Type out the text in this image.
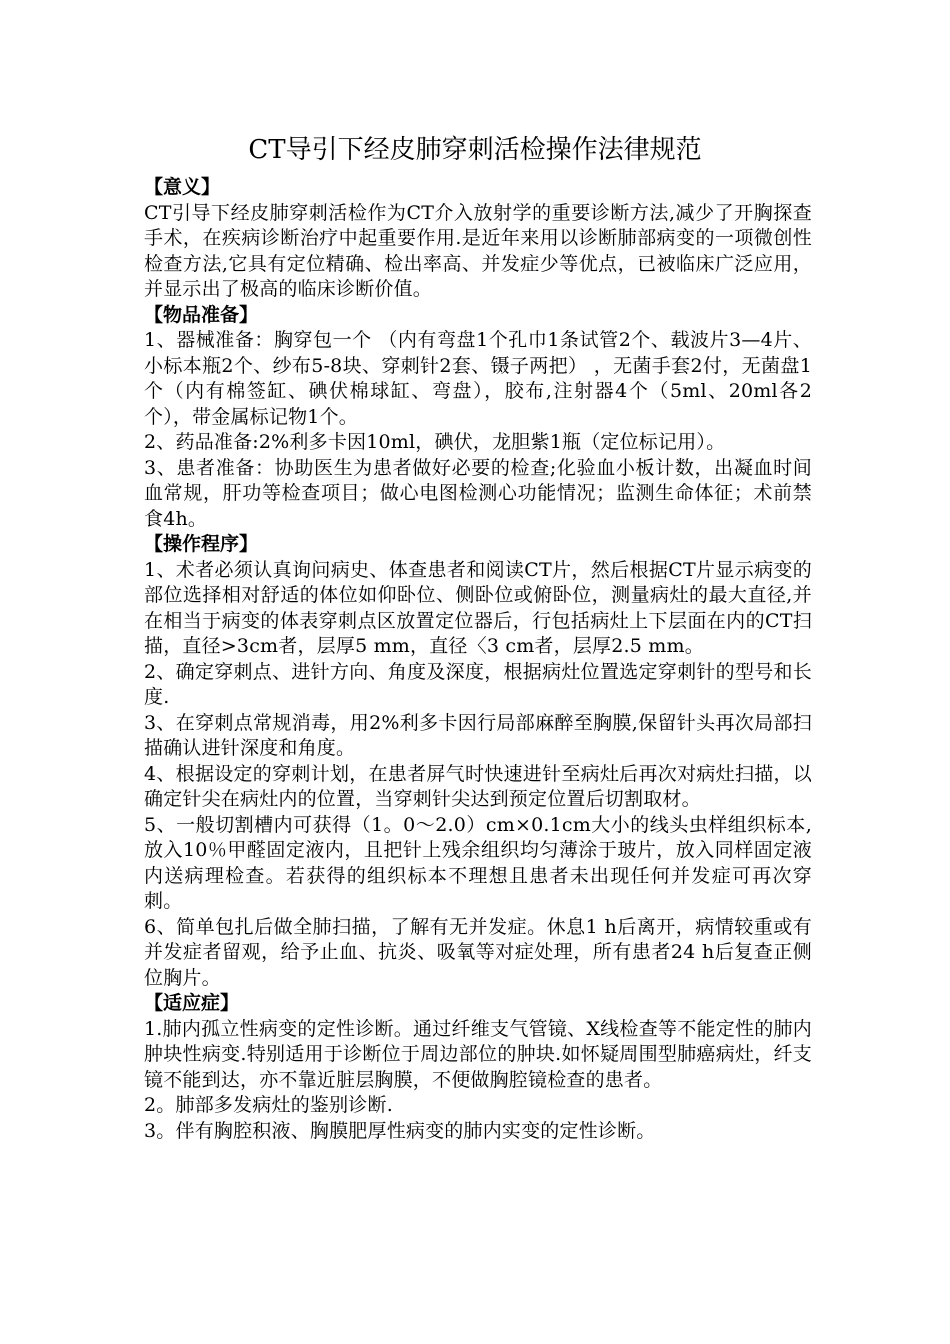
CT导引下经皮肺穿刺活检操作法律规范

【意义】

CT引导下经皮肺穿刺活检作为CT介入放射学的重要诊断方法,减少了开胸探查手术，在疾病诊断治疗中起重要作用.是近年来用以诊断肺部病变的一项微创性检查方法,它具有定位精确、检出率高、并发症少等优点，已被临床广泛应用，并显示出了极高的临床诊断价值。

【物品准备】

1、器械准备：胸穿包一个 （内有弯盘1个孔巾1条试管2个、载波片3—4片、小标本瓶2个、纱布5-8块、穿刺针2套、镊子两把） ，无菌手套2付，无菌盘1个（内有棉签缸、碘伏棉球缸、弯盘），胶布,注射器4个（5ml、20ml各2个），带金属标记物1个。

2、药品准备:2%利多卡因10ml，碘伏，龙胆紫1瓶（定位标记用）。

3、患者准备：协助医生为患者做好必要的检查;化验血小板计数，出凝血时间血常规，肝功等检查项目；做心电图检测心功能情况；监测生命体征；术前禁食4h。

【操作程序】

1、术者必须认真询问病史、体查患者和阅读CT片，然后根据CT片显示病变的部位选择相对舒适的体位如仰卧位、侧卧位或俯卧位，测量病灶的最大直径,并在相当于病变的体表穿刺点区放置定位器后，行包括病灶上下层面在内的CT扫描，直径>3cm者，层厚5 mm，直径〈3 cm者，层厚2.5 mm。

2、确定穿刺点、进针方向、角度及深度，根据病灶位置选定穿刺针的型号和长度.

3、在穿刺点常规消毒，用2%利多卡因行局部麻醉至胸膜,保留针头再次局部扫描确认进针深度和角度。

4、根据设定的穿刺计划，在患者屏气时快速进针至病灶后再次对病灶扫描，以确定针尖在病灶内的位置，当穿刺针尖达到预定位置后切割取材。

5、一般切割槽内可获得（1。0～2.0）cm×0.1cm大小的线头虫样组织标本,放入10％甲醛固定液内，且把针上残余组织均匀薄涂于玻片，放入同样固定液内送病理检查。若获得的组织标本不理想且患者未出现任何并发症可再次穿刺。

6、简单包扎后做全肺扫描，了解有无并发症。休息1 h后离开，病情较重或有并发症者留观，给予止血、抗炎、吸氧等对症处理，所有患者24 h后复查正侧位胸片。

【适应症】

1.肺内孤立性病变的定性诊断。通过纤维支气管镜、X线检查等不能定性的肺内肿块性病变.特别适用于诊断位于周边部位的肿块.如怀疑周围型肺癌病灶，纤支镜不能到达，亦不靠近脏层胸膜，不便做胸腔镜检查的患者。

2。肺部多发病灶的鉴别诊断.

3。伴有胸腔积液、胸膜肥厚性病变的肺内实变的定性诊断。
